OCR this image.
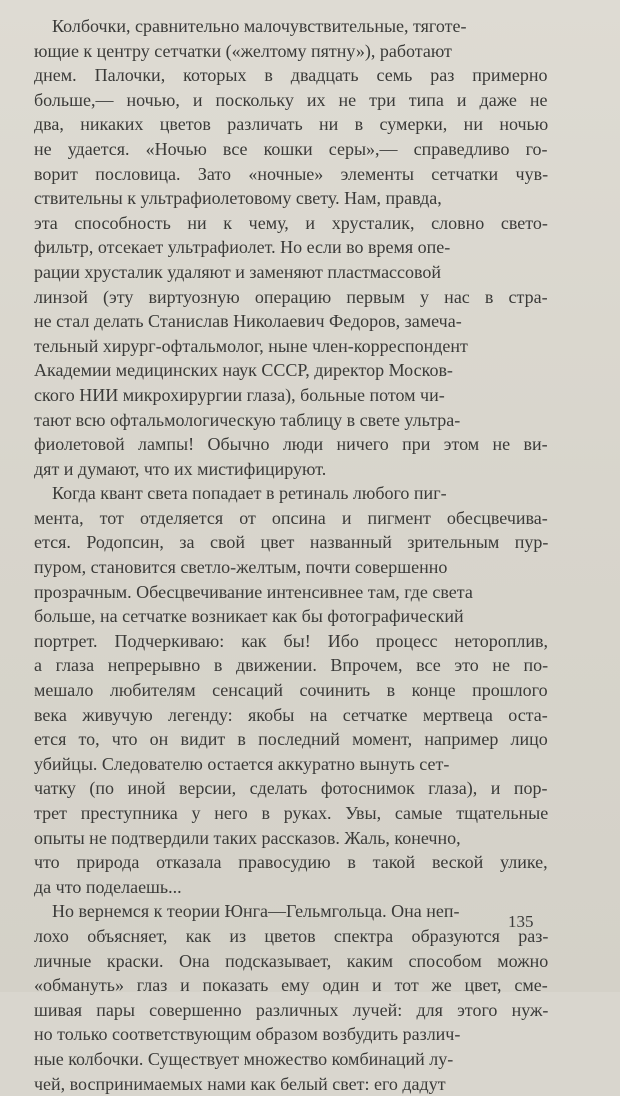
Колбочки, сравнительно малочувствительные, тяготе-
ющие к центру сетчатки («желтому пятну»), работают
днем. Палочки, которых в двадцать семь раз примерно
больше,— ночью, и поскольку их не три типа и даже не
два, никаких цветов различать ни в сумерки, ни ночью
не удается. «Ночью все кошки серы»,— справедливо го-
ворит пословица. Зато «ночные» элементы сетчатки чув-
ствительны к ультрафиолетовому свету. Нам, правда,
эта способность ни к чему, и хрусталик, словно свето-
фильтр, отсекает ультрафиолет. Но если во время опе-
рации хрусталик удаляют и заменяют пластмассовой
линзой (эту виртуозную операцию первым у нас в стра-
не стал делать Станислав Николаевич Федоров, замеча-
тельный хирург-офтальмолог, ныне член-корреспондент
Академии медицинских наук СССР, директор Москов-
ского НИИ микрохирургии глаза), больные потом чи-
тают всю офтальмологическую таблицу в свете ультра-
фиолетовой лампы! Обычно люди ничего при этом не ви-
дят и думают, что их мистифицируют.

Когда квант света попадает в ретиналь любого пиг-
мента, тот отделяется от опсина и пигмент обесцвечива-
ется. Родопсин, за свой цвет названный зрительным пур-
пуром, становится светло-желтым, почти совершенно
прозрачным. Обесцвечивание интенсивнее там, где света
больше, на сетчатке возникает как бы фотографический
портрет. Подчеркиваю: как бы! Ибо процесс нетороплив,
а глаза непрерывно в движении. Впрочем, все это не по-
мешало любителям сенсаций сочинить в конце прошлого
века живучую легенду: якобы на сетчатке мертвеца оста-
ется то, что он видит в последний момент, например лицо
убийцы. Следователю остается аккуратно вынуть сет-
чатку (по иной версии, сделать фотоснимок глаза), и пор-
трет преступника у него в руках. Увы, самые тщательные
опыты не подтвердили таких рассказов. Жаль, конечно,
что природа отказала правосудию в такой веской улике,
да что поделаешь...

Но вернемся к теории Юнга—Гельмгольца. Она неп-
лохо объясняет, как из цветов спектра образуются раз-
личные краски. Она подсказывает, каким способом можно
«обмануть» глаз и показать ему один и тот же цвет, сме-
шивая пары совершенно различных лучей: для этого нуж-
но только соответствующим образом возбудить различ-
ные колбочки. Существует множество комбинаций лу-
чей, воспринимаемых нами как белый свет: его дадут

135
